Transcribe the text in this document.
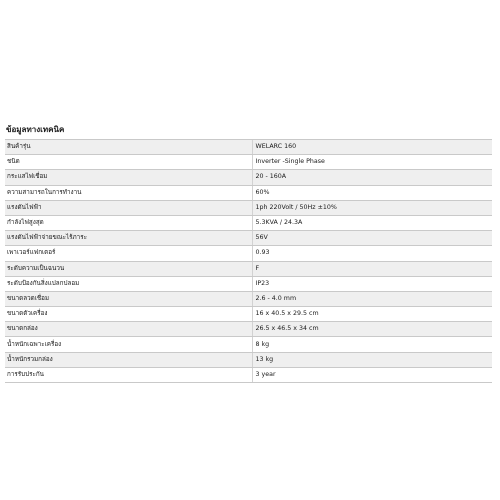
ข้อมูลทางเทคนิค
สินค้ารุ่น	WELARC 160
ชนิด	Inverter -Single Phase
กระแสไฟเชื่อม	20 - 160A
ความสามารถในการทำงาน	60%
แรงดันไฟฟ้า	1ph 220Volt / 50Hz ±10%
กำลังไฟสูงสุด	5.3KVA / 24.3A
แรงดันไฟฟ้าจ่ายขณะไร้ภาระ	56V
เพาเวอร์แฟกเตอร์	0.93
ระดับความเป็นฉนวน	F
ระดับป้องกันสิ่งแปลกปลอม	IP23
ขนาดลวดเชื่อม	2.6 - 4.0 mm
ขนาดตัวเครื่อง	16 x 40.5 x 29.5 cm
ขนาดกล่อง	26.5 x 46.5 x 34 cm
น้ำหนักเฉพาะเครื่อง	8 kg
น้ำหนักรวมกล่อง	13 kg
การรับประกัน	3 year
